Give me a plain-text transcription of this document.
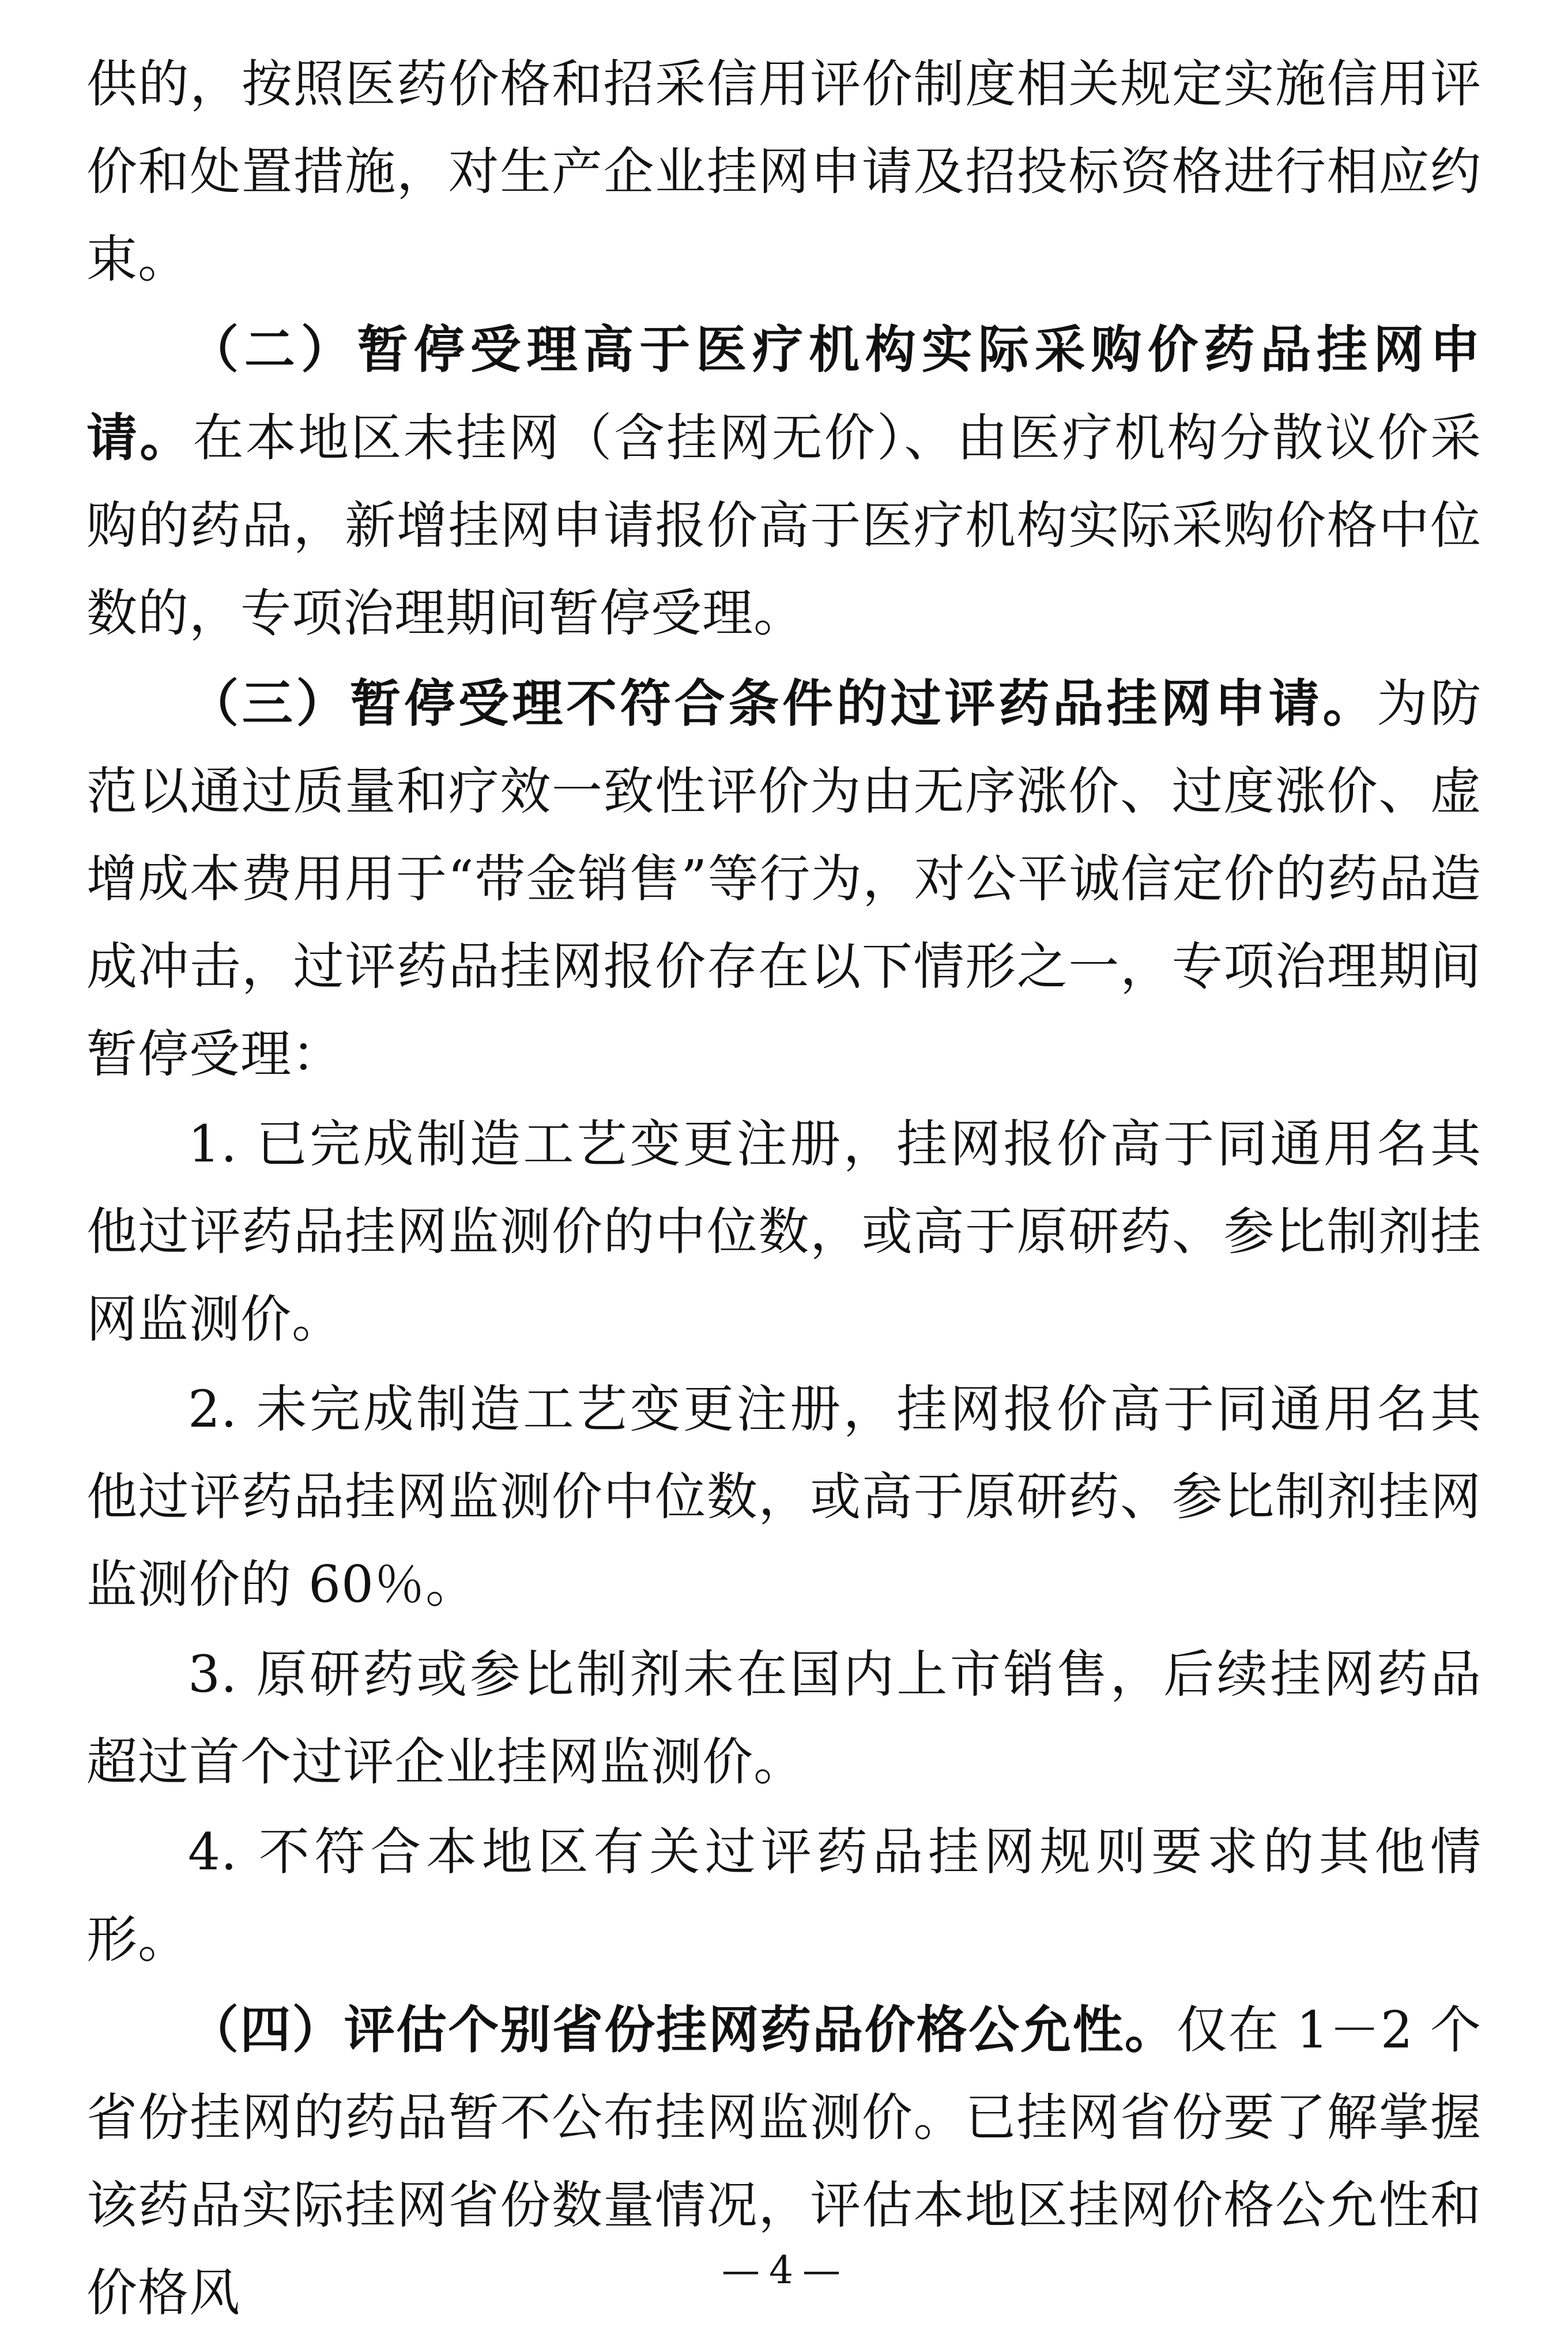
供的，按照医药价格和招采信用评价制度相关规定实施信用评价和处置措施，对生产企业挂网申请及招投标资格进行相应约束。

（二）暂停受理高于医疗机构实际采购价药品挂网申请。在本地区未挂网（含挂网无价）、由医疗机构分散议价采购的药品，新增挂网申请报价高于医疗机构实际采购价格中位数的，专项治理期间暂停受理。

（三）暂停受理不符合条件的过评药品挂网申请。为防范以通过质量和疗效一致性评价为由无序涨价、过度涨价、虚增成本费用用于“带金销售”等行为，对公平诚信定价的药品造成冲击，过评药品挂网报价存在以下情形之一，专项治理期间暂停受理：

1. 已完成制造工艺变更注册，挂网报价高于同通用名其他过评药品挂网监测价的中位数，或高于原研药、参比制剂挂网监测价。

2. 未完成制造工艺变更注册，挂网报价高于同通用名其他过评药品挂网监测价中位数，或高于原研药、参比制剂挂网监测价的 60％。

3. 原研药或参比制剂未在国内上市销售，后续挂网药品超过首个过评企业挂网监测价。

4. 不符合本地区有关过评药品挂网规则要求的其他情形。

（四）评估个别省份挂网药品价格公允性。仅在 1－2 个省份挂网的药品暂不公布挂网监测价。已挂网省份要了解掌握该药品实际挂网省份数量情况，评估本地区挂网价格公允性和价格风	—4—
